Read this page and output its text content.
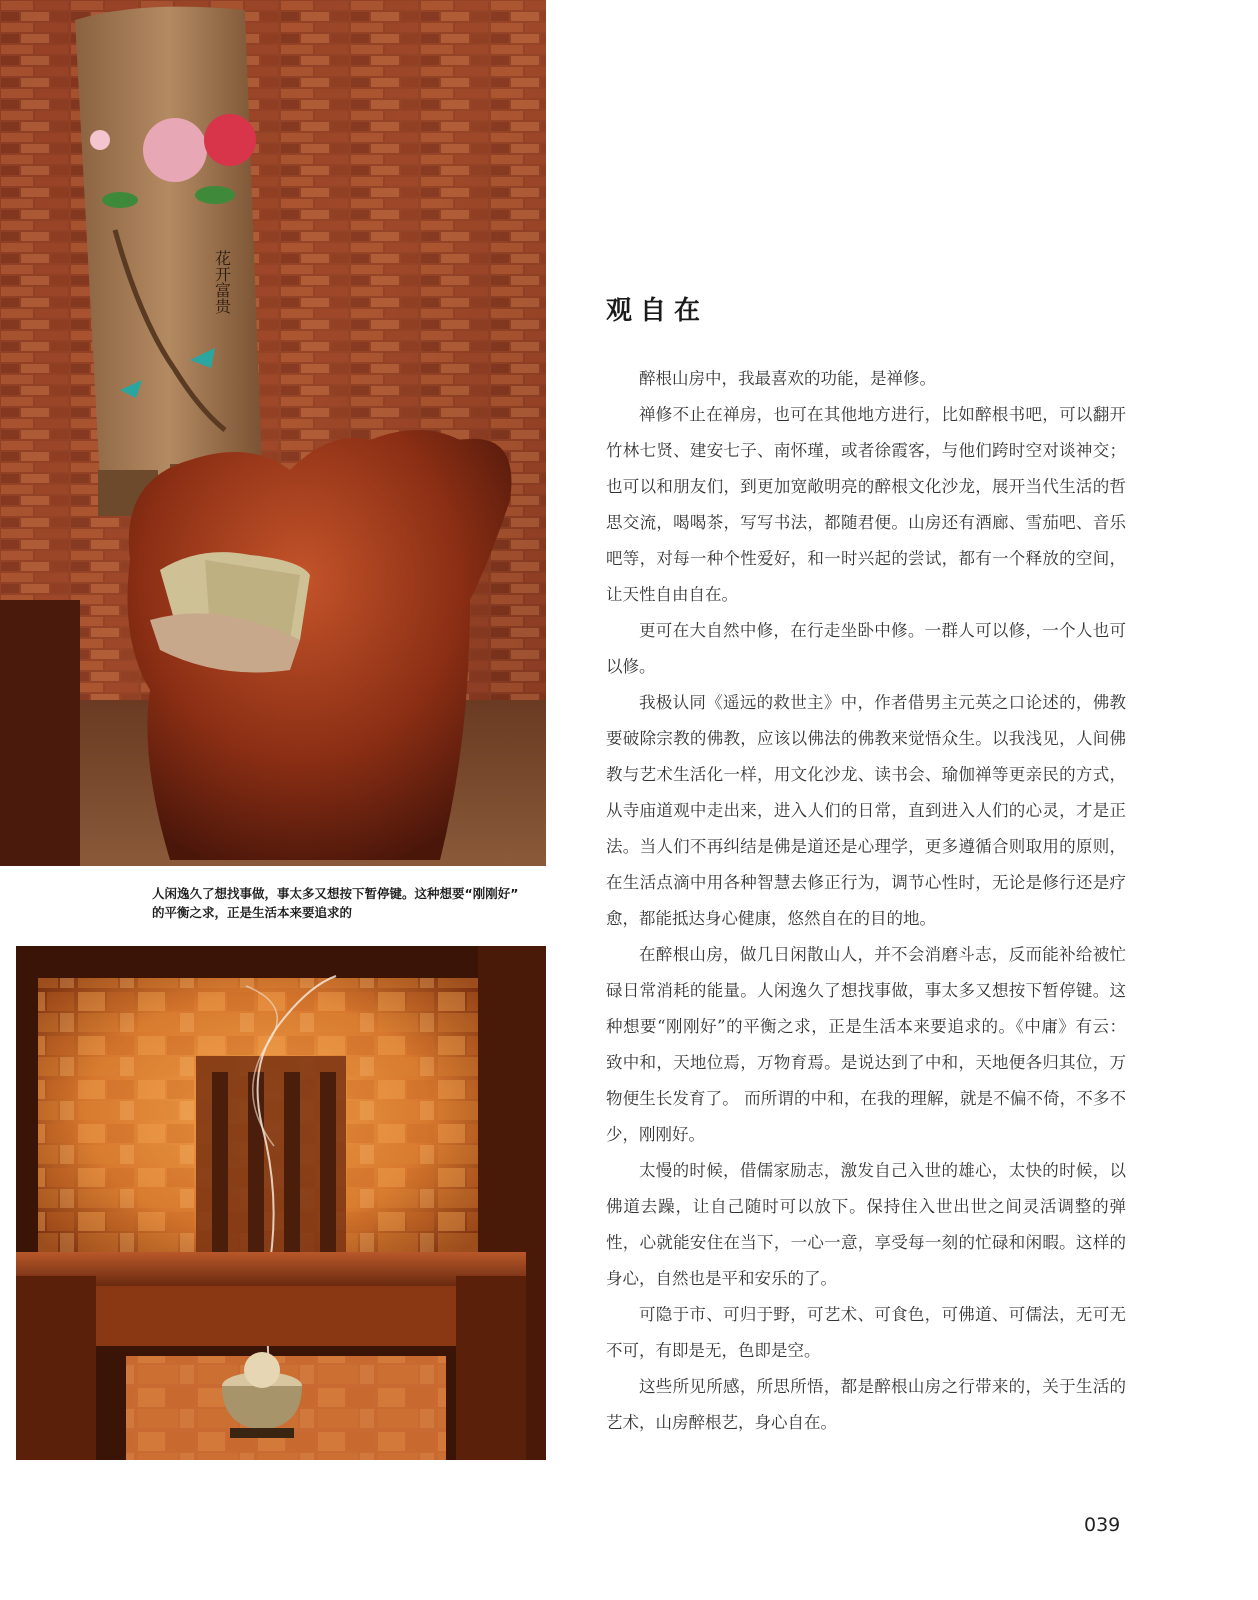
花开富贵

人闲逸久了想找事做，事太多又想按下暂停键。这种想要“刚刚好”

的平衡之求，正是生活本来要追求的

观自在

醉根山房中，我最喜欢的功能，是禅修。

禅修不止在禅房，也可在其他地方进行，比如醉根书吧，可以翻开竹林七贤、建安七子、南怀瑾，或者徐霞客，与他们跨时空对谈神交；也可以和朋友们，到更加宽敞明亮的醉根文化沙龙，展开当代生活的哲思交流，喝喝茶，写写书法，都随君便。山房还有酒廊、雪茄吧、音乐吧等，对每一种个性爱好，和一时兴起的尝试，都有一个释放的空间，让天性自由自在。

更可在大自然中修，在行走坐卧中修。一群人可以修，一个人也可以修。

我极认同《遥远的救世主》中，作者借男主元英之口论述的，佛教要破除宗教的佛教，应该以佛法的佛教来觉悟众生。以我浅见，人间佛教与艺术生活化一样，用文化沙龙、读书会、瑜伽禅等更亲民的方式，从寺庙道观中走出来，进入人们的日常，直到进入人们的心灵，才是正法。当人们不再纠结是佛是道还是心理学，更多遵循合则取用的原则，在生活点滴中用各种智慧去修正行为，调节心性时，无论是修行还是疗愈，都能抵达身心健康，悠然自在的目的地。

在醉根山房，做几日闲散山人，并不会消磨斗志，反而能补给被忙碌日常消耗的能量。人闲逸久了想找事做，事太多又想按下暂停键。这种想要“刚刚好”的平衡之求，正是生活本来要追求的。《中庸》有云：致中和，天地位焉，万物育焉。是说达到了中和，天地便各归其位，万物便生长发育了。 而所谓的中和，在我的理解，就是不偏不倚，不多不少，刚刚好。

太慢的时候，借儒家励志，激发自己入世的雄心，太快的时候，以佛道去躁，让自己随时可以放下。保持住入世出世之间灵活调整的弹性，心就能安住在当下，一心一意，享受每一刻的忙碌和闲暇。这样的身心，自然也是平和安乐的了。

可隐于市、可归于野，可艺术、可食色，可佛道、可儒法，无可无不可，有即是无，色即是空。

这些所见所感，所思所悟，都是醉根山房之行带来的，关于生活的艺术，山房醉根艺，身心自在。

039
